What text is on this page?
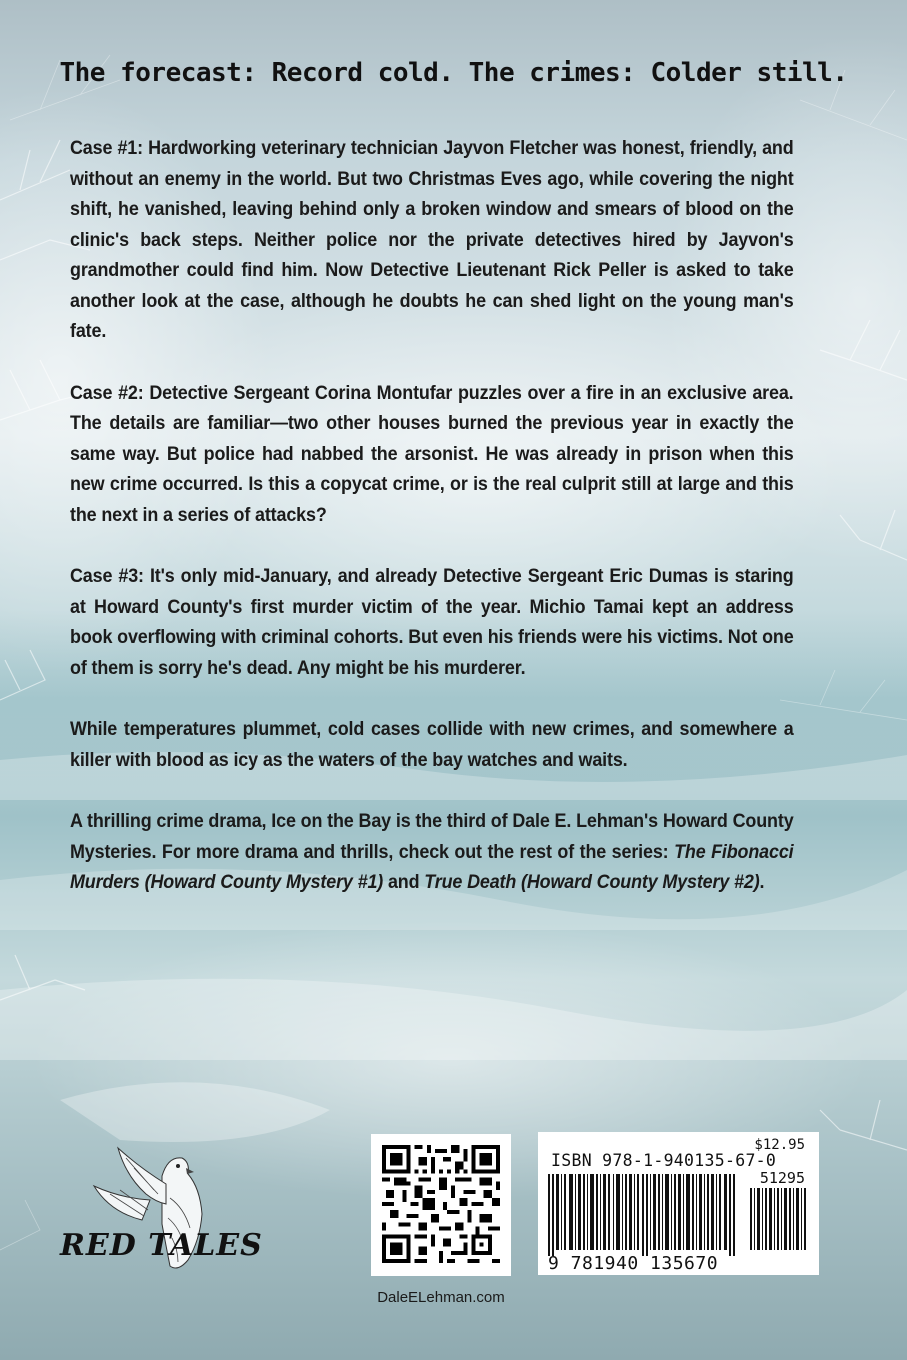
The forecast: Record cold. The crimes: Colder still.

Case #1: Hardworking veterinary technician Jayvon Fletcher was honest, friendly, and without an enemy in the world. But two Christmas Eves ago, while covering the night shift, he vanished, leaving behind only a broken window and smears of blood on the clinic's back steps. Neither police nor the private detectives hired by Jayvon's grandmother could find him. Now Detective Lieutenant Rick Peller is asked to take another look at the case, although he doubts he can shed light on the young man's fate.

Case #2: Detective Sergeant Corina Montufar puzzles over a fire in an exclusive area. The details are familiar—two other houses burned the previous year in exactly the same way. But police had nabbed the arsonist. He was already in prison when this new crime occurred. Is this a copycat crime, or is the real culprit still at large and this the next in a series of attacks?

Case #3: It's only mid-January, and already Detective Sergeant Eric Dumas is staring at Howard County's first murder victim of the year. Michio Tamai kept an address book overflowing with criminal cohorts. But even his friends were his victims. Not one of them is sorry he's dead. Any might be his murderer.

While temperatures plummet, cold cases collide with new crimes, and somewhere a killer with blood as icy as the waters of the bay watches and waits.

A thrilling crime drama, Ice on the Bay is the third of Dale E. Lehman's Howard County Mysteries. For more drama and thrills, check out the rest of the series: The Fibonacci Murders (Howard County Mystery #1) and True Death (Howard County Mystery #2).

RED TALES
DaleELehman.com
$12.95
ISBN 978-1-940135-67-0
51295
9 781940 135670
